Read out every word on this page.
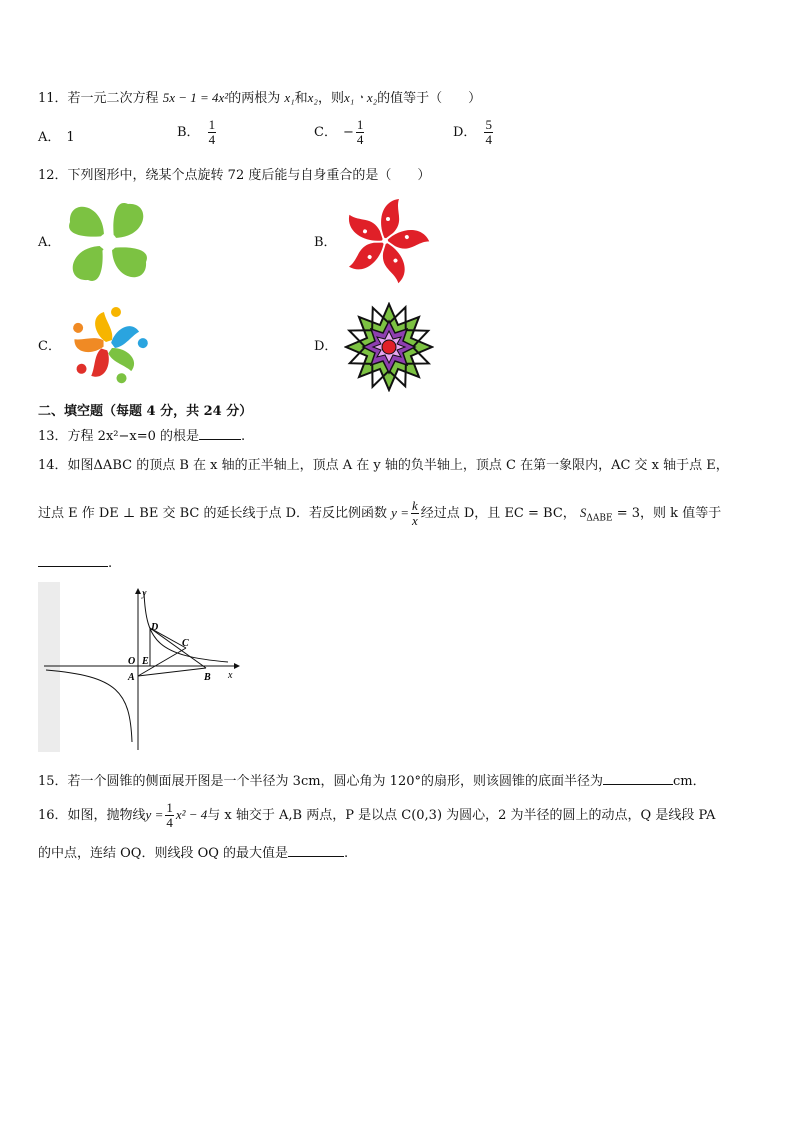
11．若一元二次方程 5x − 1 = 4x²的两根为 x₁和x₂，则x₁ㆍx₂的值等于（　　）
A． 1	B． $\frac{1}{4}$	C． − $\frac{1}{4}$	D． $\frac{5}{4}$
12．下列图形中，绕某个点旋转 72 度后能与自身重合的是（　　）
A．	B．
C．	D．
二、填空题（每题 4 分，共 24 分）
13．方程 2x²−x=0 的根是	.
14．如图ΔABC 的顶点 B 在 x 轴的正半轴上，顶点 A 在 y 轴的负半轴上，顶点 C 在第一象限内，AC 交 x 轴于点 E，
过点 E 作 DE ⊥ BE 交 BC 的延长线于点 D．若反比例函数 $y = \frac{k}{x}$ 经过点 D，且 EC = BC， $S_{\Delta ABE} = 3$，则 k 值等于
.
y
x
O E
A	B
C
D
15．若一个圆锥的侧面展开图是一个半径为 3cm，圆心角为 120°的扇形，则该圆锥的底面半径为	cm．
16．如图，抛物线$y = \frac{1}{4} x^2 - 4$与 x 轴交于 A,B 两点，P 是以点 C(0,3) 为圆心，2 为半径的圆上的动点，Q 是线段 PA
的中点，连结 OQ．则线段 OQ 的最大值是	.
